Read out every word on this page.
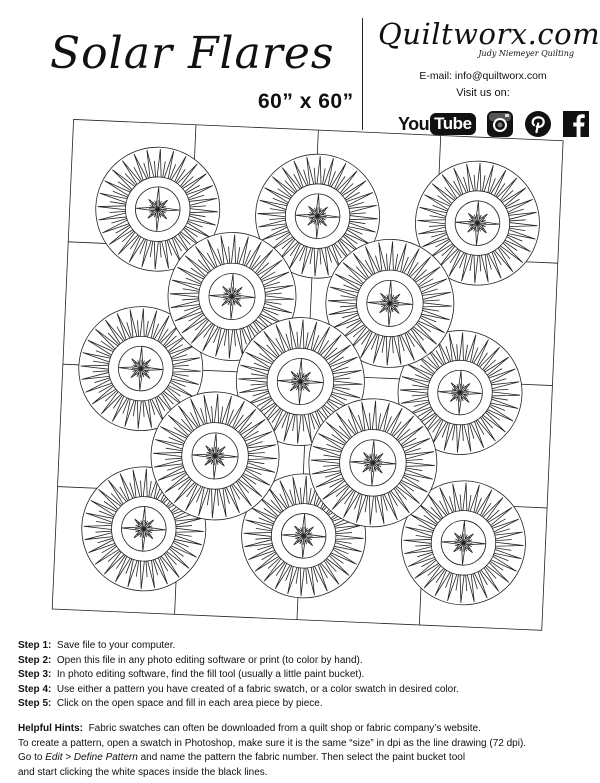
Solar Flares
60” x 60”
Quiltworx.com
Judy Niemeyer Quilting
E-mail: info@quiltworx.com
Visit us on:
You Tube
Step 1: Save file to your computer.
Step 2: Open this file in any photo editing software or print (to color by hand).
Step 3: In photo editing software, find the fill tool (usually a little paint bucket).
Step 4: Use either a pattern you have created of a fabric swatch, or a color swatch in desired color.
Step 5: Click on the open space and fill in each area piece by piece.
Helpful Hints: Fabric swatches can often be downloaded from a quilt shop or fabric company’s website.
To create a pattern, open a swatch in Photoshop, make sure it is the same “size” in dpi as the line drawing (72 dpi).
Go to Edit > Define Pattern and name the pattern the fabric number. Then select the paint bucket tool
and start clicking the white spaces inside the black lines.
